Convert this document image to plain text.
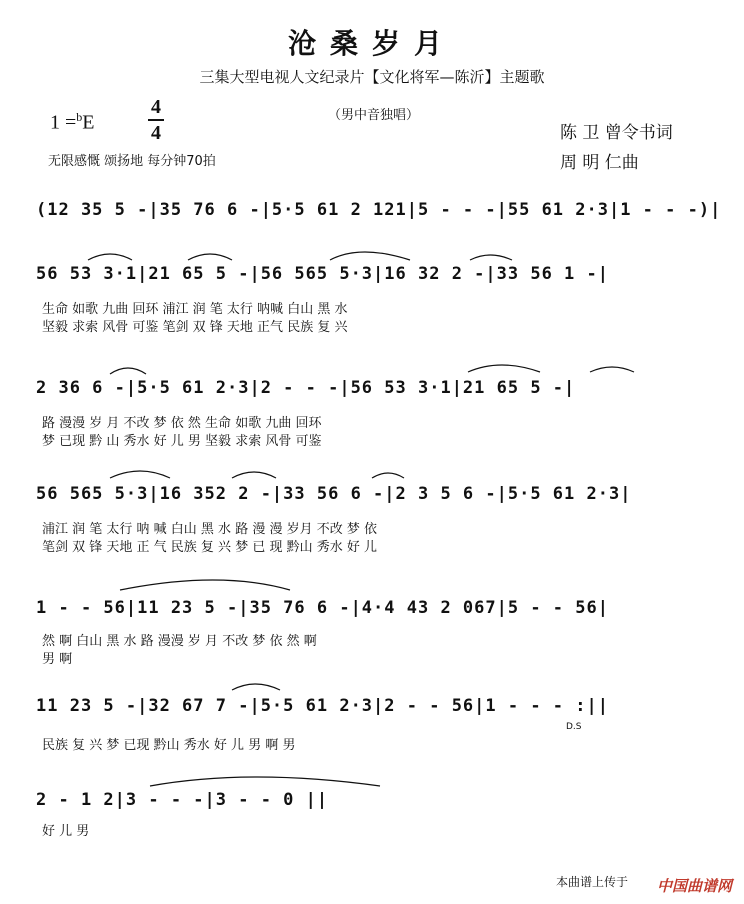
沧桑岁月
三集大型电视人文纪录片【文化将军—陈沂】主题歌
1 =$^b$E
4
4
（男中音独唱）
陈 卫 曾令书词
周 明 仁曲
无限感慨 颂扬地 每分钟70拍
(12 35 5 -|35 76 6 -|5·5 61 2 121|5 - - -|55 61 2·3|1 - - -)|
56 53 3·1|21 65 5 -|56 565 5·3|16 32 2 -|33 56 1 -|
生命 如歌 九曲 回环 浦江 润 笔 太行 呐喊 白山 黑 水
坚毅 求索 风骨 可鉴 笔剑 双 锋 天地 正气 民族 复 兴
2 36 6 -|5·5 61 2·3|2 - - -|56 53 3·1|21 65 5 -|
路 漫漫 岁 月 不改 梦 依 然 生命 如歌 九曲 回环
梦 已现 黔 山 秀水 好 儿 男 坚毅 求索 风骨 可鉴
56 565 5·3|16 352 2 -|33 56 6 -|2 3 5 6 -|5·5 61 2·3|
浦江 润 笔 太行 呐 喊 白山 黑 水 路 漫 漫 岁月 不改 梦 依
笔剑 双 锋 天地 正 气 民族 复 兴 梦 已 现 黔山 秀水 好 儿
1 - - 56|11 23 5 -|35 76 6 -|4·4 43 2 067|5 - - 56|
然 啊 白山 黑 水 路 漫漫 岁 月 不改 梦 依 然 啊
男 啊
11 23 5 -|32 67 7 -|5·5 61 2·3|2 - - 56|1 - - - :||
民族 复 兴 梦 已现 黔山 秀水 好 儿 男 啊 男
D.S
2 - 1 2|3 - - -|3 - - 0 ||
好 儿 男
本曲谱上传于 中国曲谱网
